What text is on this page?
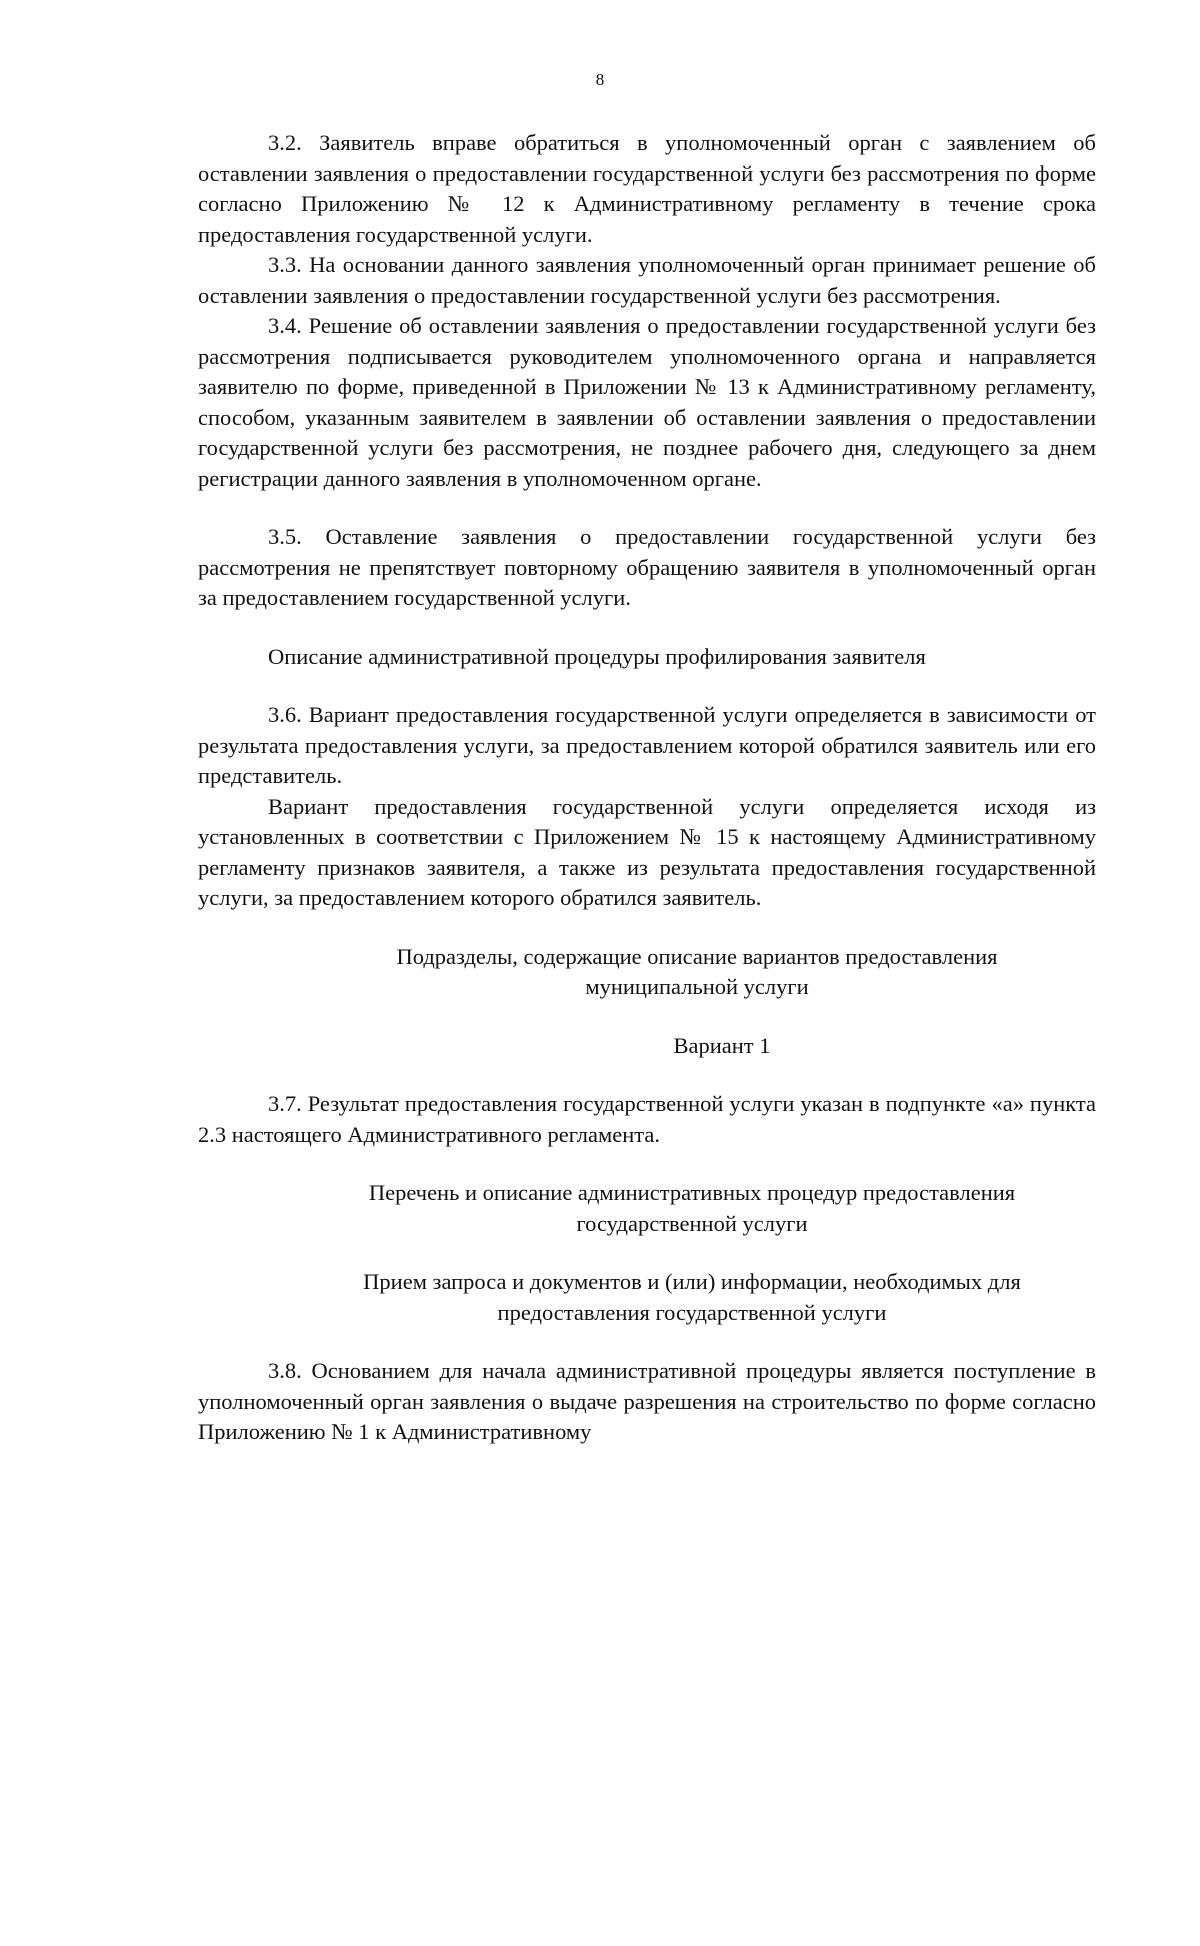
8

3.2. Заявитель вправе обратиться в уполномоченный орган с заявлением об оставлении заявления о предоставлении государственной услуги без рассмотрения по форме согласно Приложению № 12 к Административному регламенту в течение срока предоставления государственной услуги.

3.3. На основании данного заявления уполномоченный орган принимает решение об оставлении заявления о предоставлении государственной услуги без рассмотрения.

3.4. Решение об оставлении заявления о предоставлении государственной услуги без рассмотрения подписывается руководителем уполномоченного органа и направляется заявителю по форме, приведенной в Приложении № 13 к Административному регламенту, способом, указанным заявителем в заявлении об оставлении заявления о предоставлении государственной услуги без рассмотрения, не позднее рабочего дня, следующего за днем регистрации данного заявления в уполномоченном органе.

3.5. Оставление заявления о предоставлении государственной услуги без рассмотрения не препятствует повторному обращению заявителя в уполномоченный орган за предоставлением государственной услуги.

Описание административной процедуры профилирования заявителя

3.6. Вариант предоставления государственной услуги определяется в зависимости от результата предоставления услуги, за предоставлением которой обратился заявитель или его представитель.

Вариант предоставления государственной услуги определяется исходя из установленных в соответствии с Приложением № 15 к настоящему Административному регламенту признаков заявителя, а также из результата предоставления государственной услуги, за предоставлением которого обратился заявитель.

Подразделы, содержащие описание вариантов предоставления

муниципальной услуги

Вариант 1

3.7. Результат предоставления государственной услуги указан в подпункте «а» пункта 2.3 настоящего Административного регламента.

Перечень и описание административных процедур предоставления

государственной услуги

Прием запроса и документов и (или) информации, необходимых для

предоставления государственной услуги

3.8. Основанием для начала административной процедуры является поступление в уполномоченный орган заявления о выдаче разрешения на строительство по форме согласно Приложению № 1 к Административному
